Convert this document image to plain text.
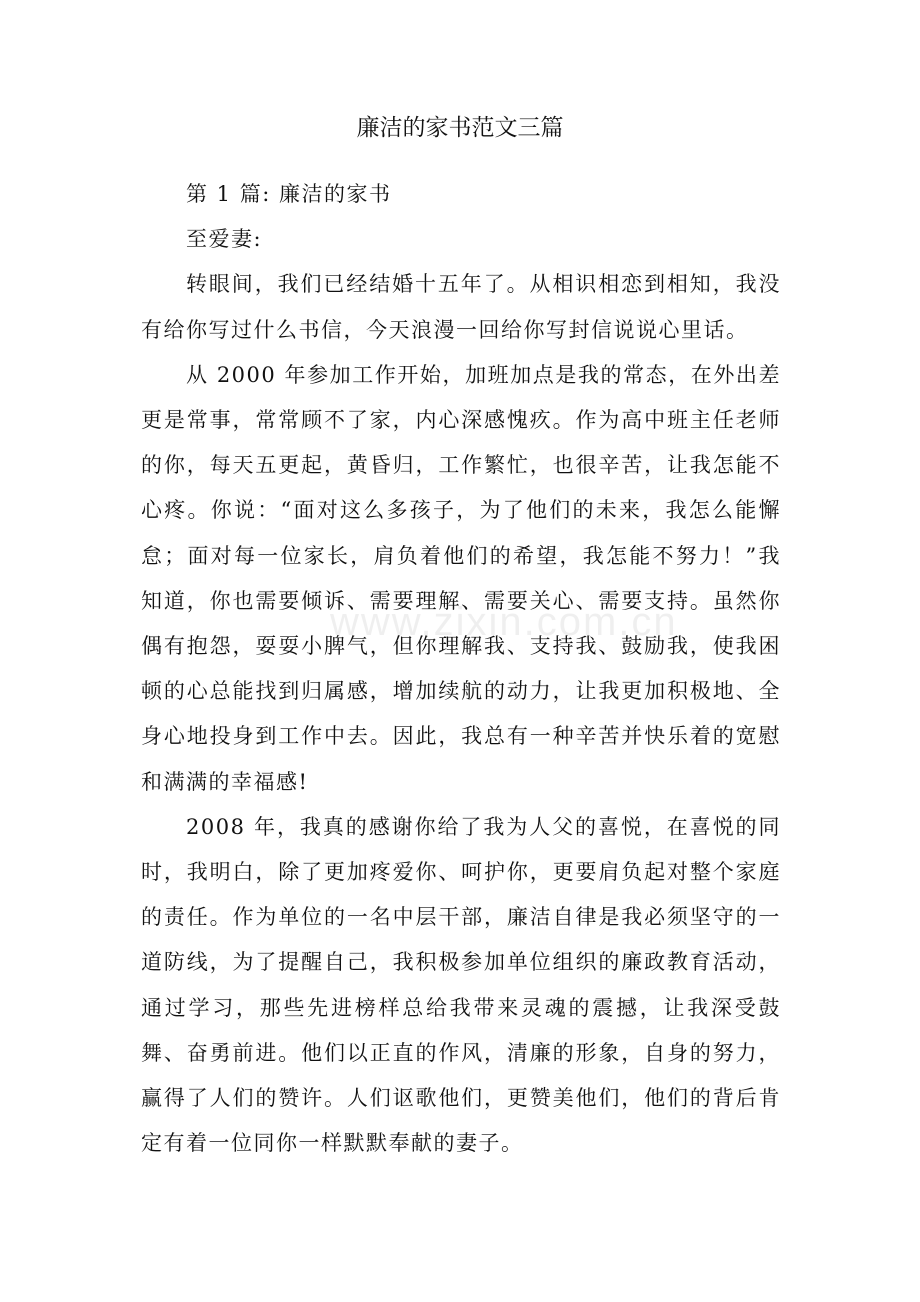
廉洁的家书范文三篇
www.zixin.com.cn

第 1 篇: 廉洁的家书

至爱妻:

转眼间，我们已经结婚十五年了。从相识相恋到相知，我没有给你写过什么书信，今天浪漫一回给你写封信说说心里话。

从 2000 年参加工作开始，加班加点是我的常态，在外出差更是常事，常常顾不了家，内心深感愧疚。作为高中班主任老师的你，每天五更起，黄昏归，工作繁忙，也很辛苦，让我怎能不心疼。你说：“面对这么多孩子，为了他们的未来，我怎么能懈怠；面对每一位家长，肩负着他们的希望，我怎能不努力！”我知道，你也需要倾诉、需要理解、需要关心、需要支持。虽然你偶有抱怨，耍耍小脾气，但你理解我、支持我、鼓励我，使我困顿的心总能找到归属感，增加续航的动力，让我更加积极地、全身心地投身到工作中去。因此，我总有一种辛苦并快乐着的宽慰和满满的幸福感!

2008 年，我真的感谢你给了我为人父的喜悦，在喜悦的同时，我明白，除了更加疼爱你、呵护你，更要肩负起对整个家庭的责任。作为单位的一名中层干部，廉洁自律是我必须坚守的一道防线，为了提醒自己，我积极参加单位组织的廉政教育活动，通过学习，那些先进榜样总给我带来灵魂的震撼，让我深受鼓舞、奋勇前进。他们以正直的作风，清廉的形象，自身的努力，赢得了人们的赞许。人们讴歌他们，更赞美他们，他们的背后肯定有着一位同你一样默默奉献的妻子。
